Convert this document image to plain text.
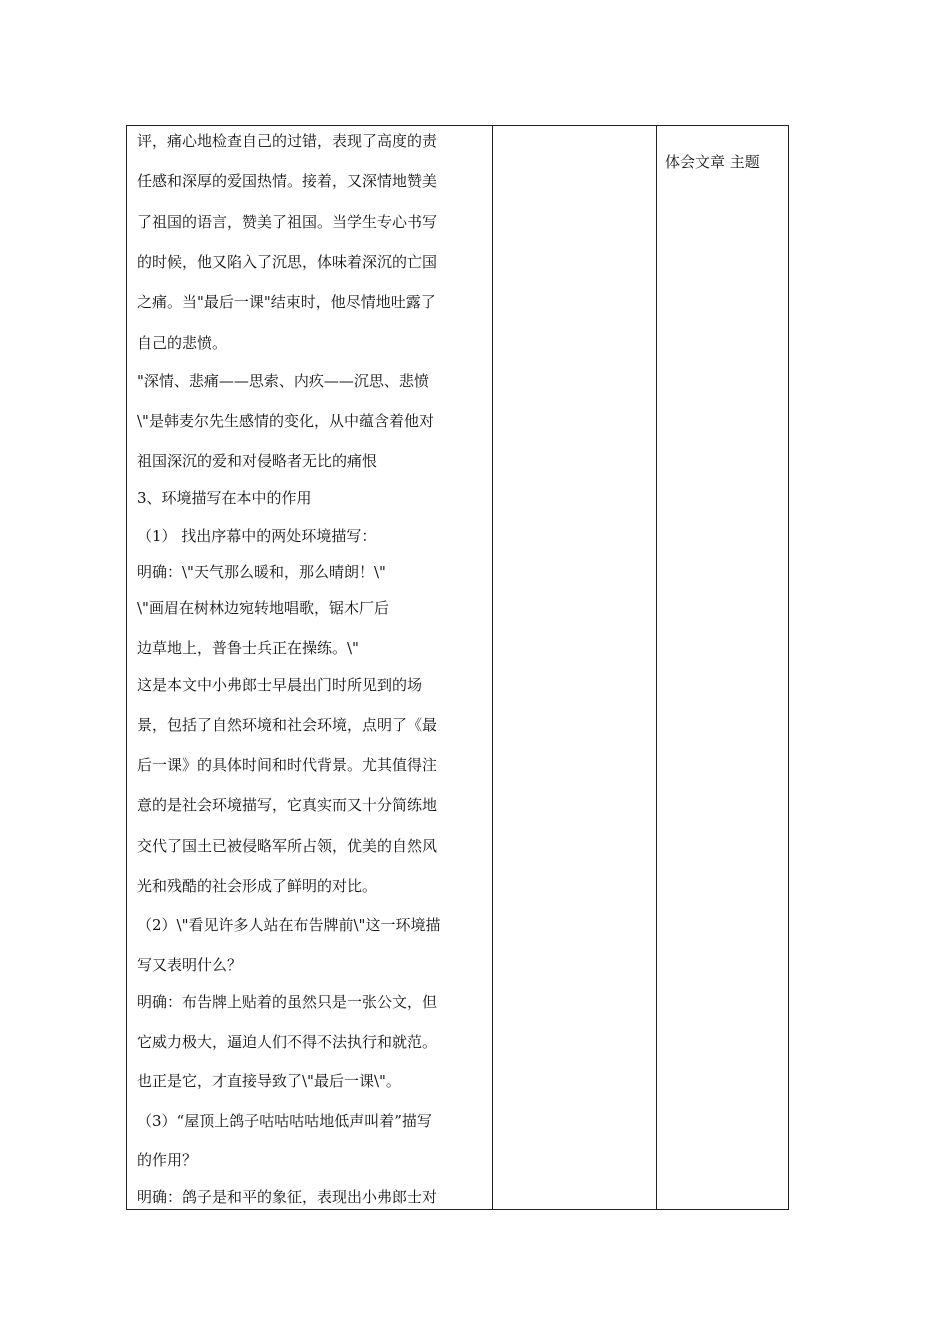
评，痛心地检查自己的过错，表现了高度的责
任感和深厚的爱国热情。接着，又深情地赞美
了祖国的语言，赞美了祖国。当学生专心书写
的时候，他又陷入了沉思，体味着深沉的亡国
之痛。当"最后一课"结束时，他尽情地吐露了
自己的悲愤。
"深情、悲痛——思索、内疚——沉思、悲愤
\"是韩麦尔先生感情的变化，从中蕴含着他对
祖国深沉的爱和对侵略者无比的痛恨
3、环境描写在本中的作用
（1） 找出序幕中的两处环境描写：
明确：\"天气那么暖和，那么晴朗！\"
\"画眉在树林边宛转地唱歌，锯木厂后
边草地上，普鲁士兵正在操练。\"
这是本文中小弗郎士早晨出门时所见到的场
景，包括了自然环境和社会环境，点明了《最
后一课》的具体时间和时代背景。尤其值得注
意的是社会环境描写，它真实而又十分简练地
交代了国土已被侵略军所占领，优美的自然风
光和残酷的社会形成了鲜明的对比。
（2）\"看见许多人站在布告牌前\"这一环境描
写又表明什么？
明确：布告牌上贴着的虽然只是一张公文，但
它威力极大，逼迫人们不得不法执行和就范。
也正是它，才直接导致了\"最后一课\"。
（3）“屋顶上鸽子咕咕咕咕地低声叫着”描写
的作用？
明确：鸽子是和平的象征，表现出小弗郎士对
体会文章 主题
